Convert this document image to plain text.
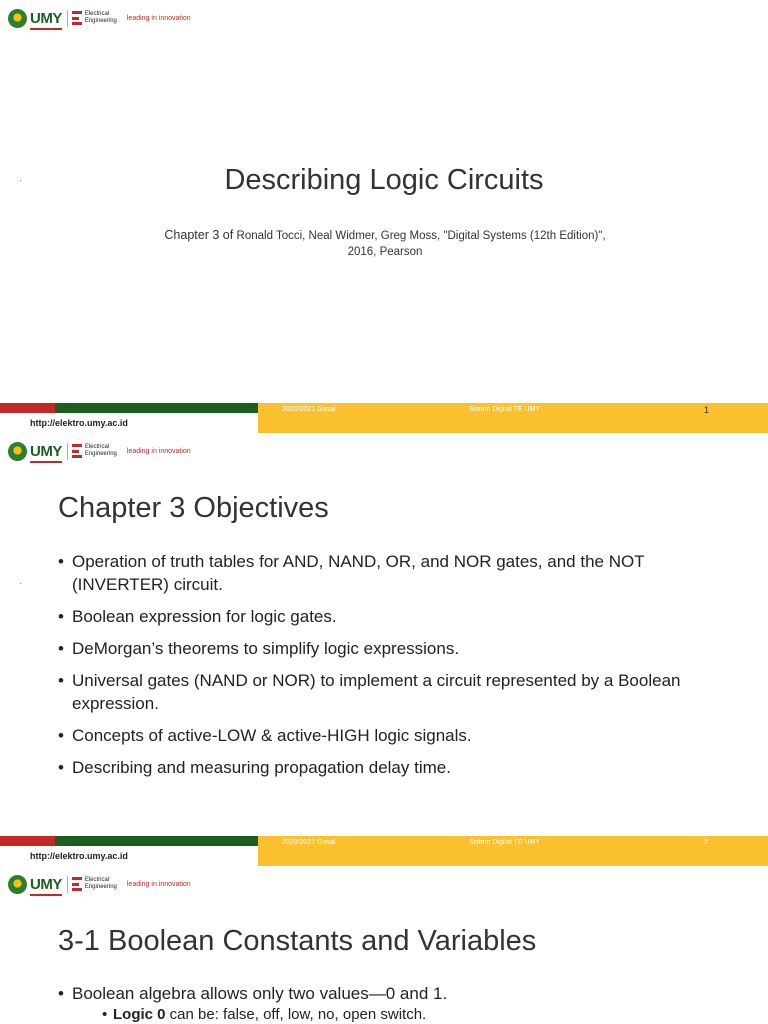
UMY	Electrical
Engineering leading in innovation
Describing Logic Circuits
Chapter 3 of Ronald Tocci, Neal Widmer, Greg Moss, "Digital Systems (12th Edition)", 2016, Pearson
2020/2021 Gasal	Sistem Digital TE UMY	1
http://elektro.umy.ac.id
UMY	Electrical
Engineering leading in innovation
Chapter 3 Objectives
• Operation of truth tables for AND, NAND, OR, and NOR gates, and the NOT (INVERTER) circuit.
• Boolean expression for logic gates.
• DeMorgan’s theorems to simplify logic expressions.
• Universal gates (NAND or NOR) to implement a circuit represented by a Boolean expression.
• Concepts of active-LOW & active-HIGH logic signals.
• Describing and measuring propagation delay time.
2020/2021 Gasal	Sistem Digital TE UMY	2
http://elektro.umy.ac.id
UMY	Electrical
Engineering leading in innovation
3-1 Boolean Constants and Variables
• Boolean algebra allows only two values—0 and 1.
• Logic 0 can be: false, off, low, no, open switch.
